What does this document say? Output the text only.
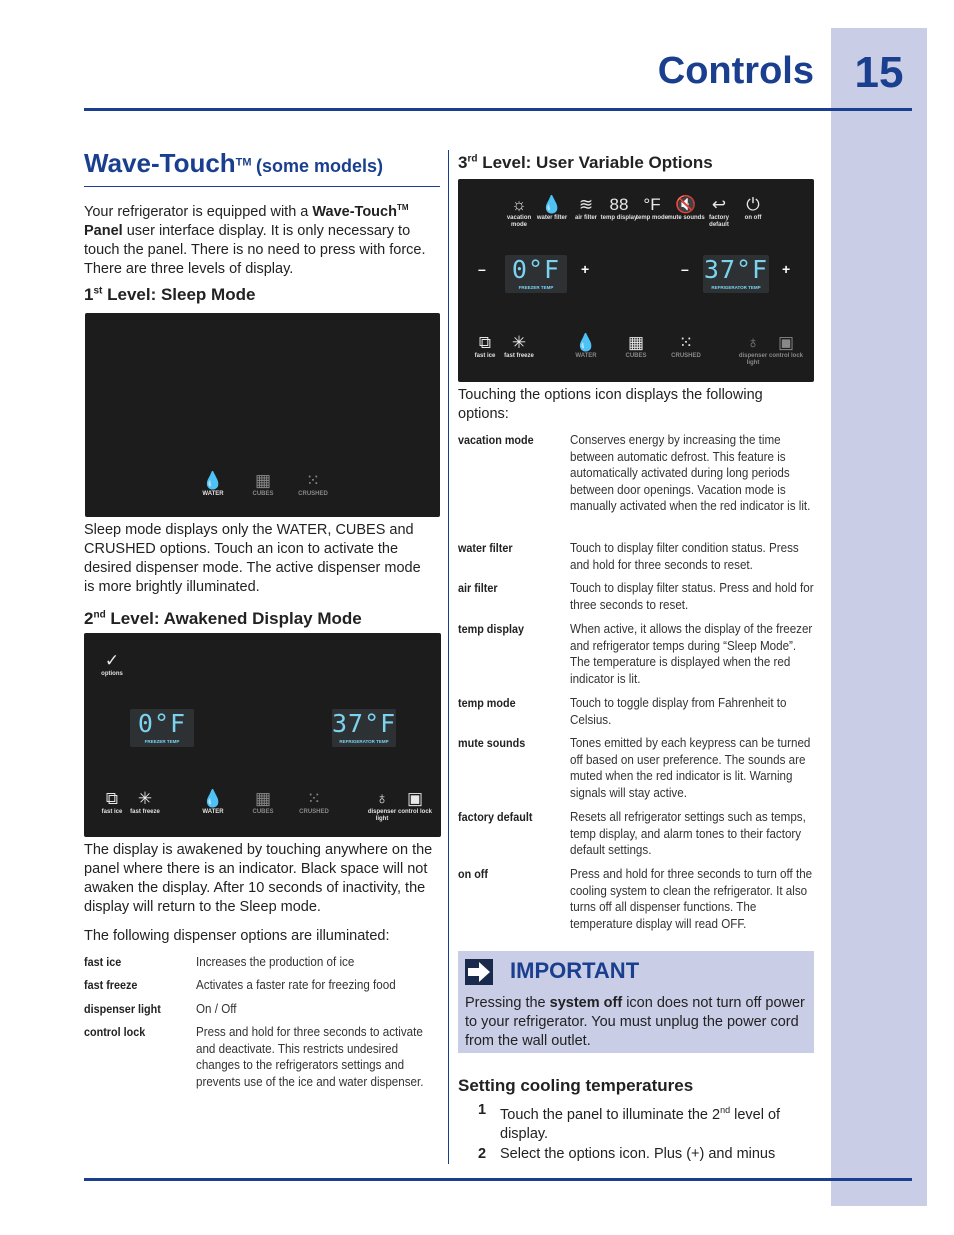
15
Controls
Wave-Touch™ (some models)
Your refrigerator is equipped with a Wave-Touch™ Panel user interface display. It is only necessary to touch the panel. There is no need to press with force. There are three levels of display.
1st Level: Sleep Mode
💧
WATER
▦
CUBES
⁙
CRUSHED
Sleep mode displays only the WATER, CUBES and CRUSHED options. Touch an icon to activate the desired dispenser mode. The active dispenser mode is more brightly illuminated.
2nd Level: Awakened Display Mode
✓
options
0°F
FREEZER TEMP
37°F
REFRIGERATOR TEMP
⧉
fast ice
✳
fast freeze
💧
WATER
▦
CUBES
⁙
CRUSHED
♁
dispenser light
▣
control lock
The display is awakened by touching anywhere on the panel where there is an indicator. Black space will not awaken the display. After 10 seconds of inactivity, the display will return to the Sleep mode.
The following dispenser options are illuminated:
fast ice	Increases the production of ice
fast freeze	Activates a faster rate for freezing food
dispenser light	On / Off
control lock	Press and hold for three seconds to activate and deactivate. This restricts undesired changes to the refrigerators settings and prevents use of the ice and water dispenser.
3rd Level: User Variable Options
☼
vacation mode
💧
water filter
≋
air filter
88
temp display
°F
temp mode
🔇
mute sounds
↩
factory default
⏻
on off
– 0°F
FREEZER TEMP
+	– 37°F
REFRIGERATOR TEMP
+
⧉
fast ice
✳
fast freeze
💧
WATER
▦
CUBES
⁙
CRUSHED
♁
dispenser light
▣
control lock
Touching the options icon displays the following options:
vacation mode	Conserves energy by increasing the time between automatic defrost. This feature is automatically activated during long periods between door openings. Vacation mode is manually activated when the red indicator is lit.
water filter	Touch to display filter condition status. Press and hold for three seconds to reset.
air filter	Touch to display filter status. Press and hold for three seconds to reset.
temp display	When active, it allows the display of the freezer and refrigerator temps during “Sleep Mode”. The temperature is displayed when the red indicator is lit.
temp mode	Touch to toggle display from Fahrenheit to Celsius.
mute sounds	Tones emitted by each keypress can be turned off based on user preference. The sounds are muted when the red indicator is lit. Warning signals will stay active.
factory default	Resets all refrigerator settings such as temps, temp display, and alarm tones to their factory default settings.
on off	Press and hold for three seconds to turn off the cooling system to clean the refrigerator. It also turns off all dispenser functions. The temperature display will read OFF.
IMPORTANT
Pressing the system off icon does not turn off power to your refrigerator. You must unplug the power cord from the wall outlet.
Setting cooling temperatures
1 Touch the panel to illuminate the 2nd level of display.
2 Select the options icon. Plus (+) and minus
